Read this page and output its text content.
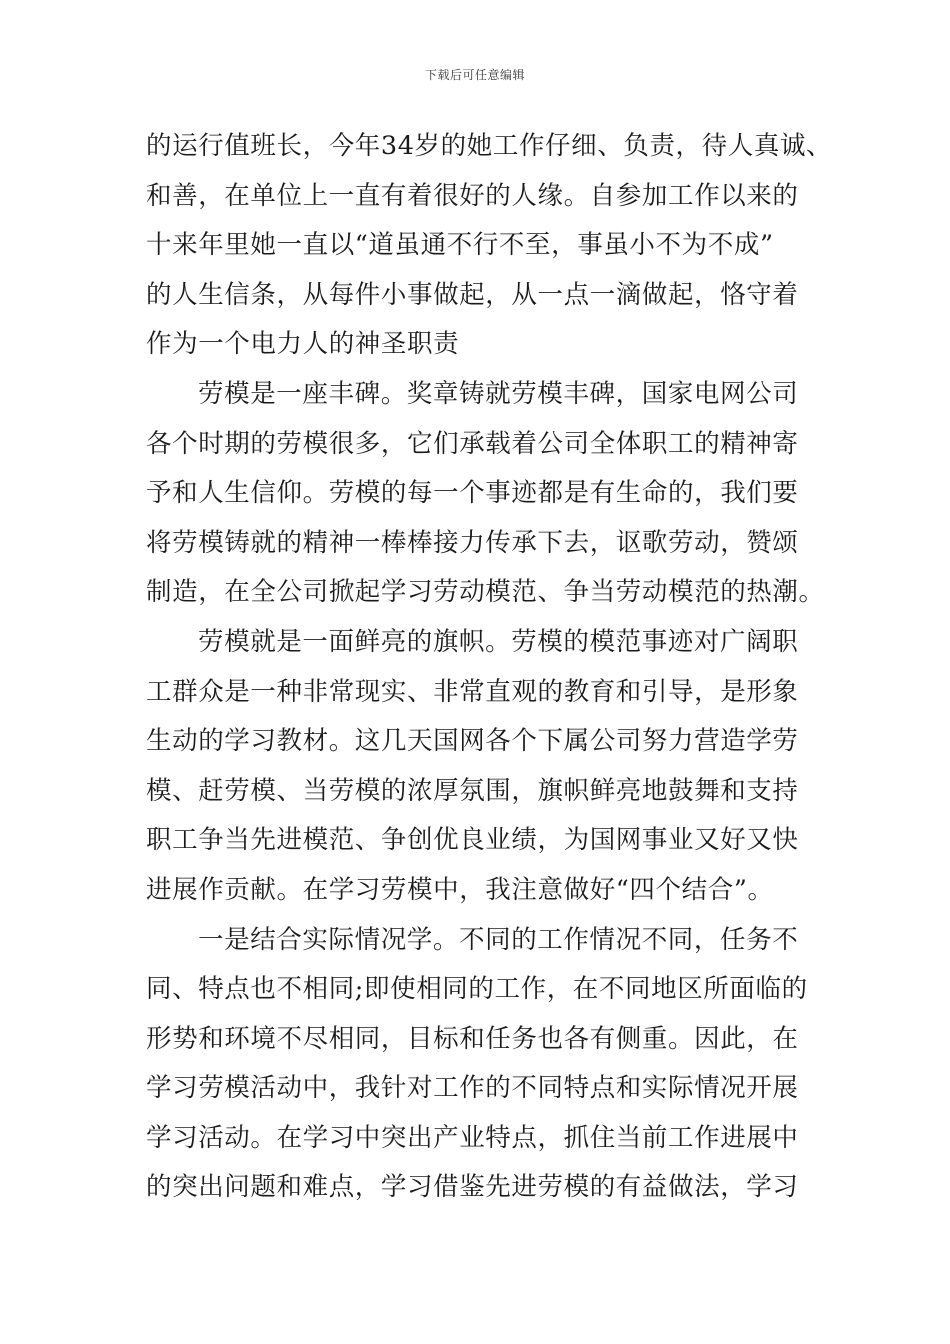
下载后可任意编辑
的运行值班长，今年34岁的她工作仔细、负责，待人真诚、
和善，在单位上一直有着很好的人缘。自参加工作以来的
十来年里她一直以“道虽通不行不至，事虽小不为不成”
的人生信条，从每件小事做起，从一点一滴做起，恪守着
作为一个电力人的神圣职责
劳模是一座丰碑。奖章铸就劳模丰碑，国家电网公司
各个时期的劳模很多，它们承载着公司全体职工的精神寄
予和人生信仰。劳模的每一个事迹都是有生命的，我们要
将劳模铸就的精神一棒棒接力传承下去，讴歌劳动，赞颂
制造，在全公司掀起学习劳动模范、争当劳动模范的热潮。
劳模就是一面鲜亮的旗帜。劳模的模范事迹对广阔职
工群众是一种非常现实、非常直观的教育和引导，是形象
生动的学习教材。这几天国网各个下属公司努力营造学劳
模、赶劳模、当劳模的浓厚氛围，旗帜鲜亮地鼓舞和支持
职工争当先进模范、争创优良业绩，为国网事业又好又快
进展作贡献。在学习劳模中，我注意做好“四个结合”。
一是结合实际情况学。不同的工作情况不同，任务不
同、特点也不相同;即使相同的工作，在不同地区所面临的
形势和环境不尽相同，目标和任务也各有侧重。因此，在
学习劳模活动中，我针对工作的不同特点和实际情况开展
学习活动。在学习中突出产业特点，抓住当前工作进展中
的突出问题和难点，学习借鉴先进劳模的有益做法，学习
